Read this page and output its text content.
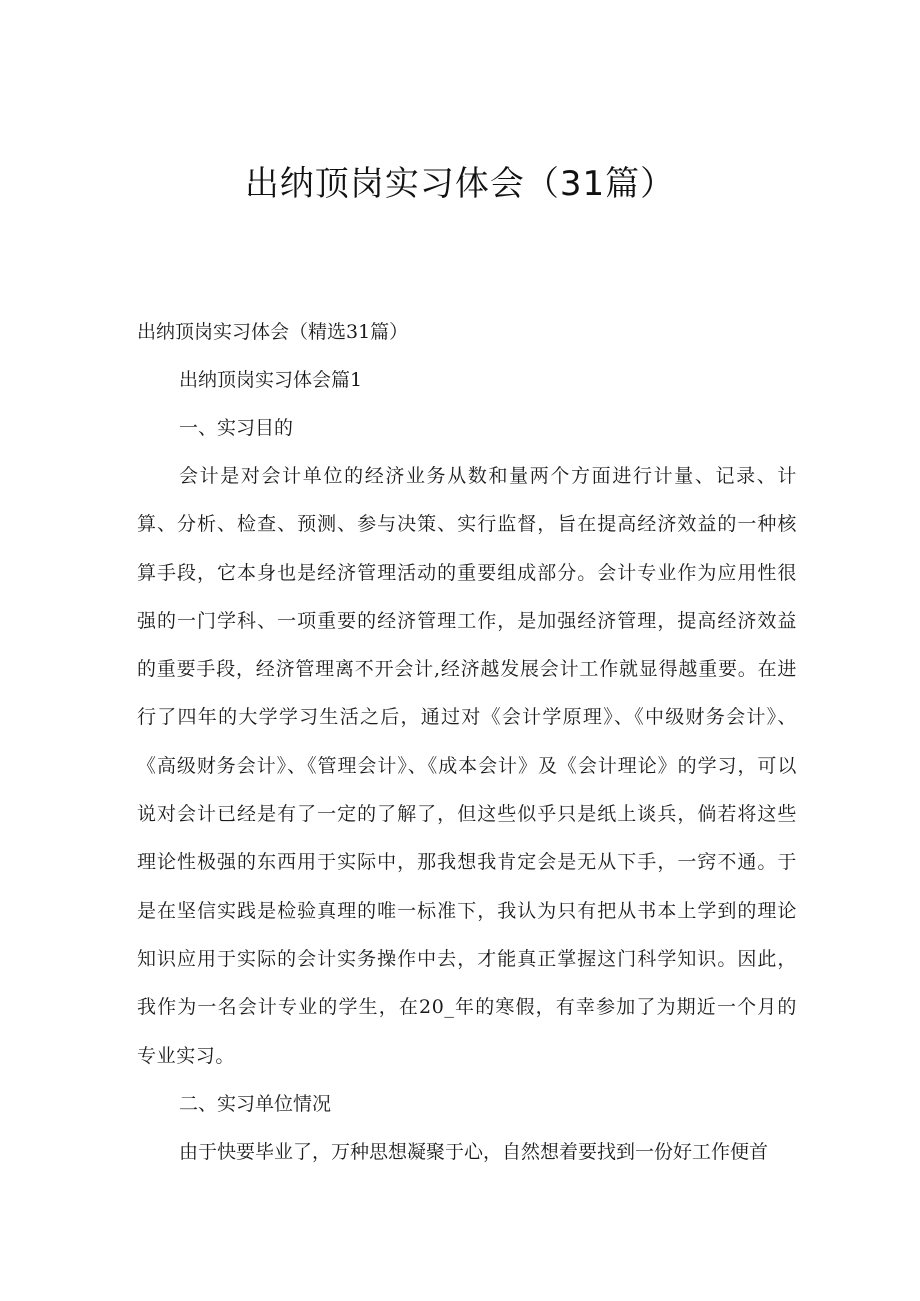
出纳顶岗实习体会（31篇）

出纳顶岗实习体会（精选31篇）

出纳顶岗实习体会篇1

一、实习目的

会计是对会计单位的经济业务从数和量两个方面进行计量、记录、计算、分析、检查、预测、参与决策、实行监督，旨在提高经济效益的一种核算手段，它本身也是经济管理活动的重要组成部分。会计专业作为应用性很强的一门学科、一项重要的经济管理工作，是加强经济管理，提高经济效益的重要手段，经济管理离不开会计,经济越发展会计工作就显得越重要。在进行了四年的大学学习生活之后，通过对《会计学原理》、《中级财务会计》、《高级财务会计》、《管理会计》、《成本会计》及《会计理论》的学习，可以说对会计已经是有了一定的了解了，但这些似乎只是纸上谈兵，倘若将这些理论性极强的东西用于实际中，那我想我肯定会是无从下手，一窍不通。于是在坚信实践是检验真理的唯一标准下，我认为只有把从书本上学到的理论知识应用于实际的会计实务操作中去，才能真正掌握这门科学知识。因此，我作为一名会计专业的学生，在20_年的寒假，有幸参加了为期近一个月的专业实习。

二、实习单位情况

由于快要毕业了，万种思想凝聚于心，自然想着要找到一份好工作便首
